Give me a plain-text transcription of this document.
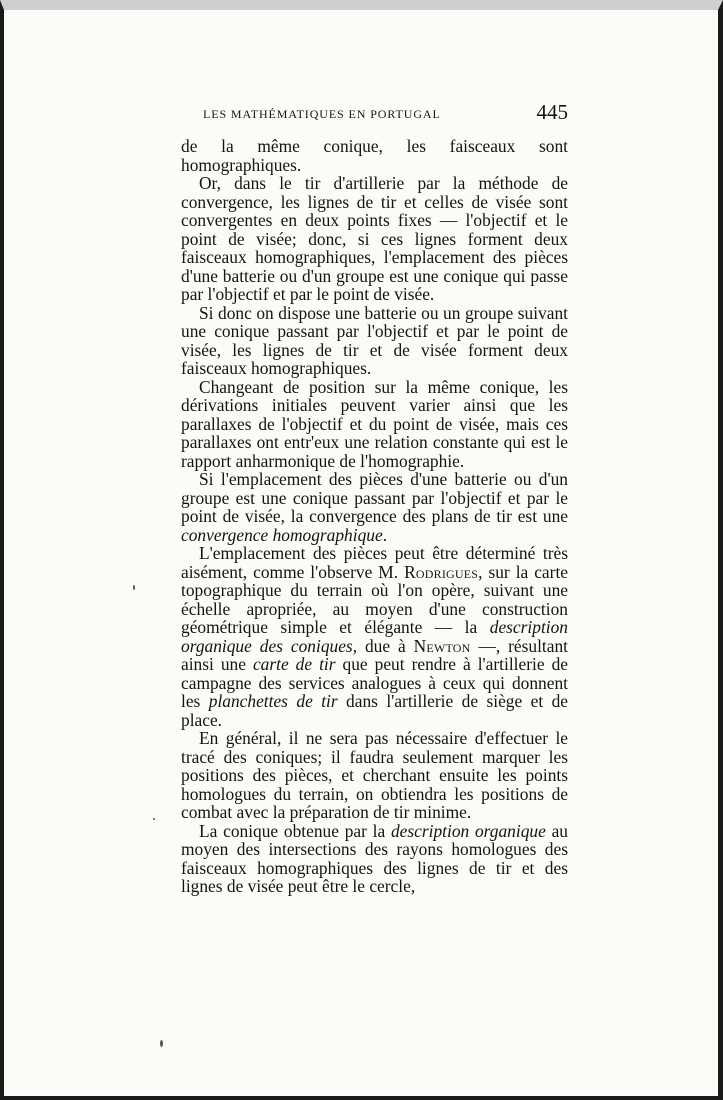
LES MATHÉMATIQUES EN PORTUGAL	445

de la même conique, les faisceaux sont homographiques.

Or, dans le tir d'artillerie par la méthode de convergence, les lignes de tir et celles de visée sont convergentes en deux points fixes — l'objectif et le point de visée; donc, si ces lignes forment deux faisceaux homographiques, l'emplacement des pièces d'une batterie ou d'un groupe est une conique qui passe par l'objectif et par le point de visée.

Si donc on dispose une batterie ou un groupe suivant une conique passant par l'objectif et par le point de visée, les lignes de tir et de visée forment deux faisceaux homographiques.

Changeant de position sur la même conique, les dérivations initiales peuvent varier ainsi que les parallaxes de l'objectif et du point de visée, mais ces parallaxes ont entr'eux une relation constante qui est le rapport anharmonique de l'homographie.

Si l'emplacement des pièces d'une batterie ou d'un groupe est une conique passant par l'objectif et par le point de visée, la convergence des plans de tir est une convergence homographique.

L'emplacement des pièces peut être déterminé très aisément, comme l'observe M. Rodrigues, sur la carte topographique du terrain où l'on opère, suivant une échelle apropriée, au moyen d'une construction géométrique simple et élégante — la description organique des coniques, due à Newton —, résultant ainsi une carte de tir que peut rendre à l'artillerie de campagne des services analogues à ceux qui donnent les planchettes de tir dans l'artillerie de siège et de place.

En général, il ne sera pas nécessaire d'effectuer le tracé des coniques; il faudra seulement marquer les positions des pièces, et cherchant ensuite les points homologues du terrain, on obtiendra les positions de combat avec la préparation de tir minime.

La conique obtenue par la description organique au moyen des intersections des rayons homologues des faisceaux homographiques des lignes de tir et des lignes de visée peut être le cercle,
